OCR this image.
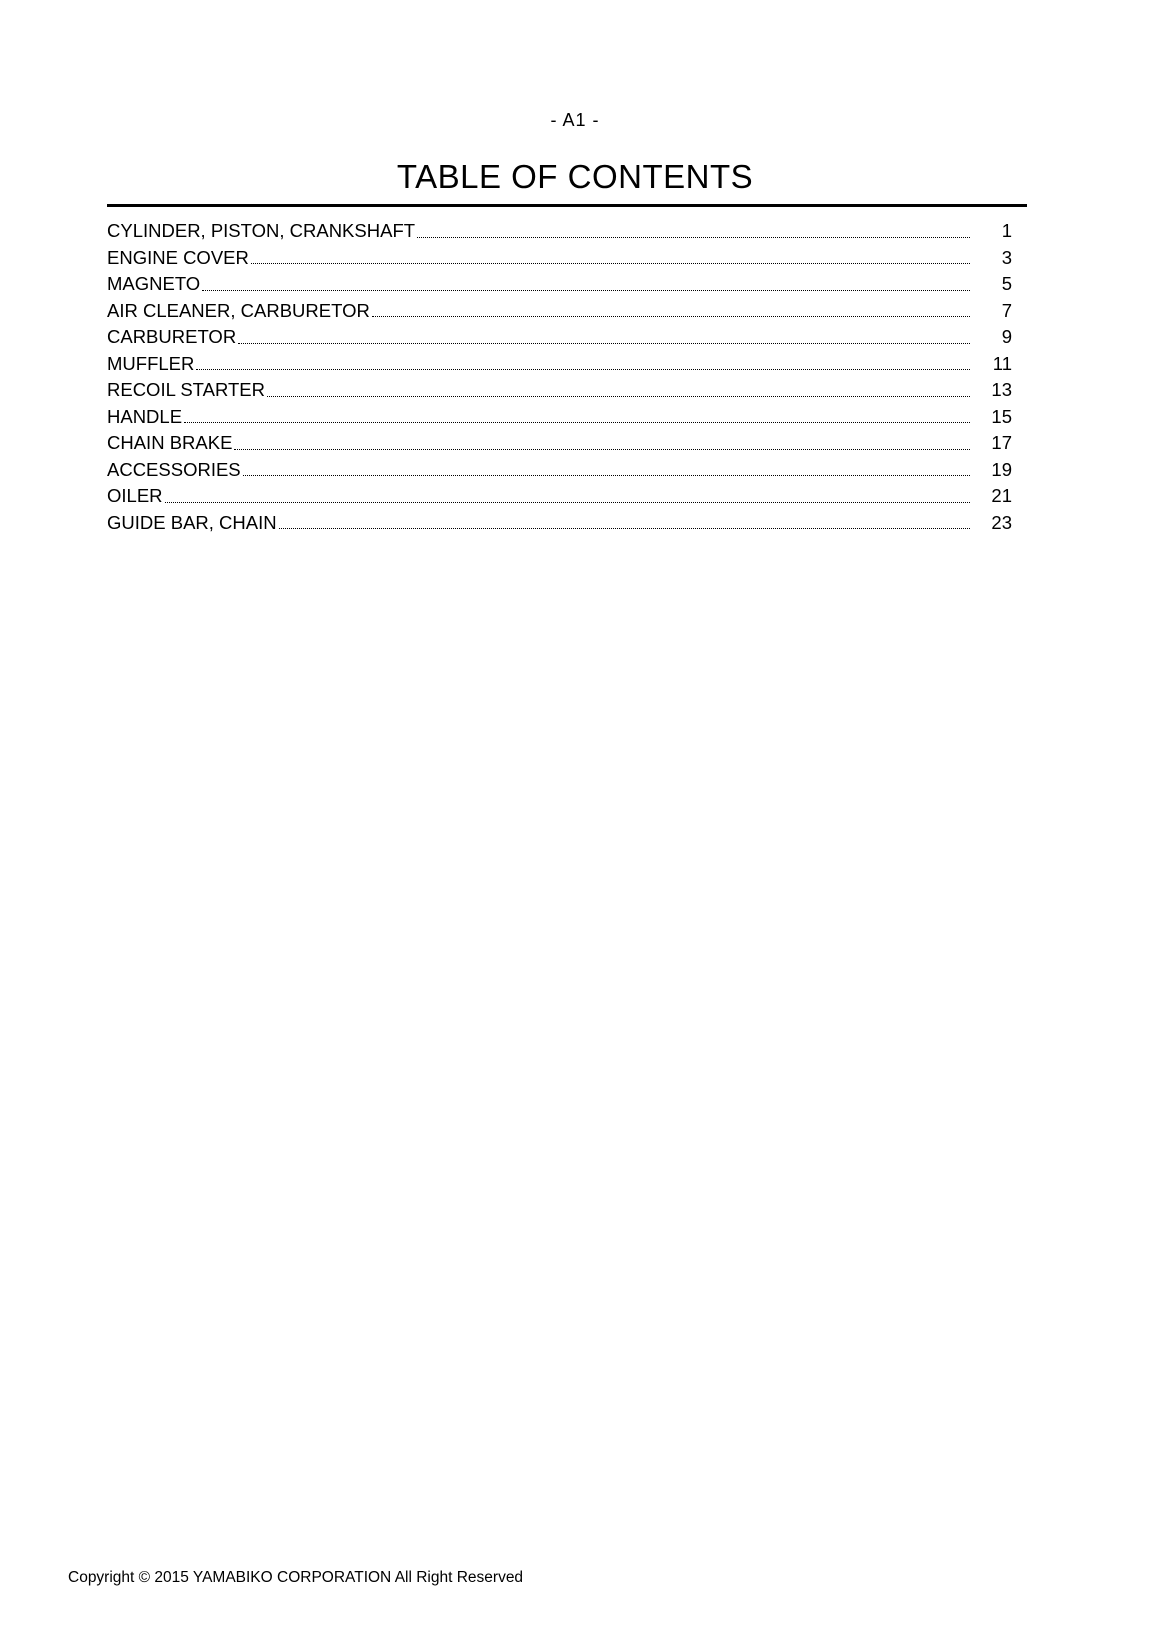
- A1 -
TABLE OF CONTENTS
CYLINDER, PISTON, CRANKSHAFT	1
ENGINE COVER	3
MAGNETO	5
AIR CLEANER, CARBURETOR	7
CARBURETOR	9
MUFFLER	11
RECOIL STARTER	13
HANDLE	15
CHAIN BRAKE	17
ACCESSORIES	19
OILER	21
GUIDE BAR, CHAIN	23
Copyright © 2015 YAMABIKO CORPORATION All Right Reserved
